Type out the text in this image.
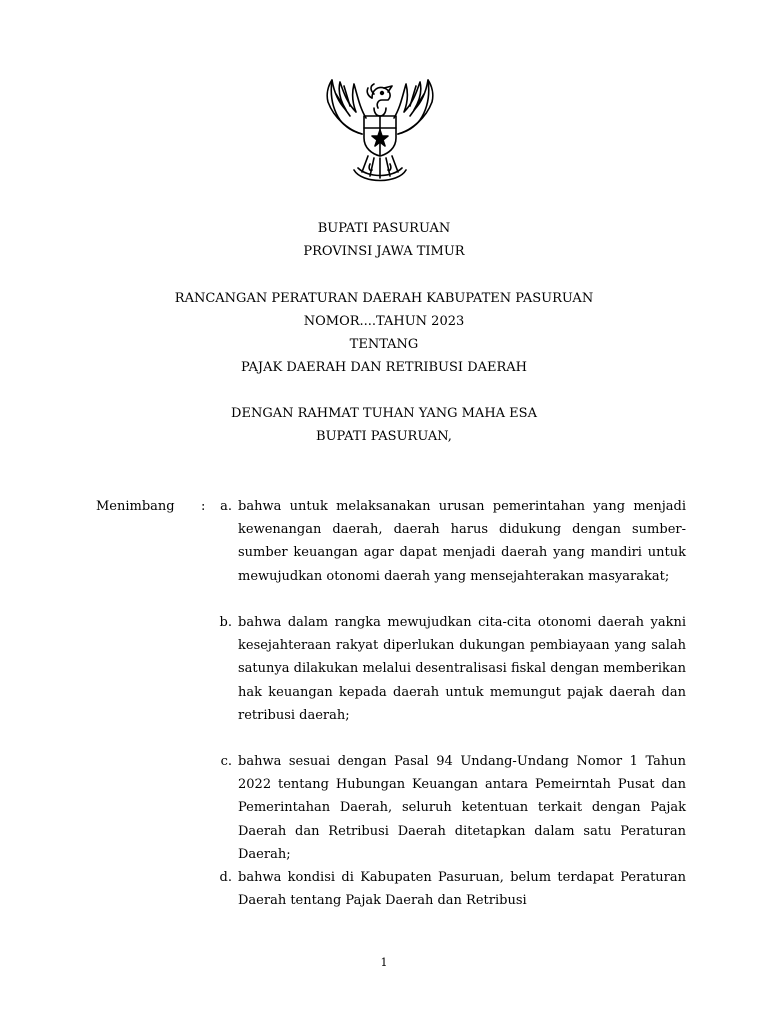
BUPATI PASURUAN
PROVINSI JAWA TIMUR
RANCANGAN PERATURAN DAERAH KABUPATEN PASURUAN
NOMOR....TAHUN 2023
TENTANG
PAJAK DAERAH DAN RETRIBUSI DAERAH
DENGAN RAHMAT TUHAN YANG MAHA ESA
BUPATI PASURUAN,
Menimbang :	a. bahwa untuk melaksanakan urusan pemerintahan yang menjadi kewenangan daerah, daerah harus didukung dengan sumber-sumber keuangan agar dapat menjadi daerah yang mandiri untuk mewujudkan otonomi daerah yang mensejahterakan masyarakat;

b. bahwa dalam rangka mewujudkan cita-cita otonomi daerah yakni kesejahteraan rakyat diperlukan dukungan pembiayaan yang salah satunya dilakukan melalui desentralisasi fiskal dengan memberikan hak keuangan kepada daerah untuk memungut pajak daerah dan retribusi daerah;

c. bahwa sesuai dengan Pasal 94 Undang-Undang Nomor 1 Tahun 2022 tentang Hubungan Keuangan antara Pemeirntah Pusat dan Pemerintahan Daerah, seluruh ketentuan terkait dengan Pajak Daerah dan Retribusi Daerah ditetapkan dalam satu Peraturan Daerah;

d. bahwa kondisi di Kabupaten Pasuruan, belum terdapat Peraturan Daerah tentang Pajak Daerah dan Retribusi

1
